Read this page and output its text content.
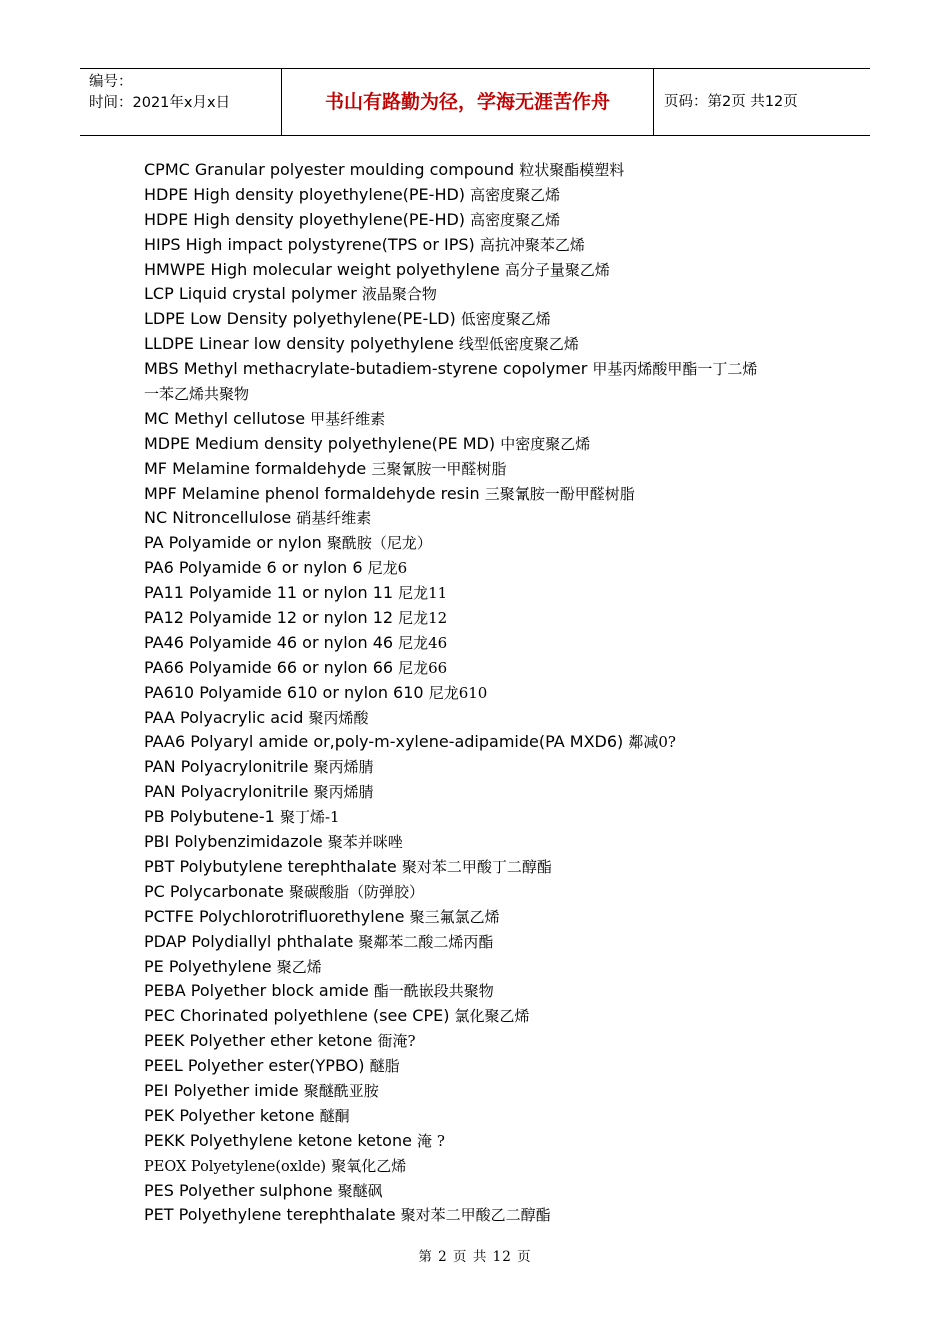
编号：
时间：2021年x月x日	书山有路勤为径，学海无涯苦作舟	页码：第2页 共12页
CPMC Granular polyester moulding compound 粒状聚酯模塑料
HDPE High density ployethylene(PE-HD) 高密度聚乙烯
HDPE High density ployethylene(PE-HD) 高密度聚乙烯
HIPS High impact polystyrene(TPS or IPS) 高抗冲聚苯乙烯
HMWPE High molecular weight polyethylene 高分子量聚乙烯
LCP Liquid crystal polymer 液晶聚合物
LDPE Low Density polyethylene(PE-LD) 低密度聚乙烯
LLDPE Linear low density polyethylene 线型低密度聚乙烯
MBS Methyl methacrylate-butadiem-styrene copolymer 甲基丙烯酸甲酯一丁二烯
一苯乙烯共聚物
MC Methyl cellutose 甲基纤维素
MDPE Medium density polyethylene(PE MD) 中密度聚乙烯
MF Melamine formaldehyde 三聚氰胺一甲醛树脂
MPF Melamine phenol formaldehyde resin 三聚氰胺一酚甲醛树脂
NC Nitroncellulose 硝基纤维素
PA Polyamide or nylon 聚酰胺（尼龙）
PA6 Polyamide 6 or nylon 6 尼龙6
PA11 Polyamide 11 or nylon 11 尼龙11
PA12 Polyamide 12 or nylon 12 尼龙12
PA46 Polyamide 46 or nylon 46 尼龙46
PA66 Polyamide 66 or nylon 66 尼龙66
PA610 Polyamide 610 or nylon 610 尼龙610
PAA Polyacrylic acid 聚丙烯酸
PAA6 Polyaryl amide or,poly-m-xylene-adipamide(PA MXD6) 鄰减0?
PAN Polyacrylonitrile 聚丙烯腈
PAN Polyacrylonitrile 聚丙烯腈
PB Polybutene-1 聚丁烯-1
PBI Polybenzimidazole 聚苯并咪唑
PBT Polybutylene terephthalate 聚对苯二甲酸丁二醇酯
PC Polycarbonate 聚碳酸脂（防弹胶）
PCTFE Polychlorotrifluorethylene 聚三氟氯乙烯
PDAP Polydiallyl phthalate 聚鄰苯二酸二烯丙酯
PE Polyethylene 聚乙烯
PEBA Polyether block amide 酯一酰嵌段共聚物
PEC Chorinated polyethlene (see CPE) 氯化聚乙烯
PEEK Polyether ether ketone 衙淹?
PEEL Polyether ester(YPBO) 醚脂
PEI Polyether imide 聚醚酰亚胺
PEK Polyether ketone 醚酮
PEKK Polyethylene ketone ketone 淹 ?
PEOX Polyetylene(oxlde) 聚氧化乙烯
PES Polyether sulphone 聚醚砜
PET Polyethylene terephthalate 聚对苯二甲酸乙二醇酯
第 2 页 共 12 页
